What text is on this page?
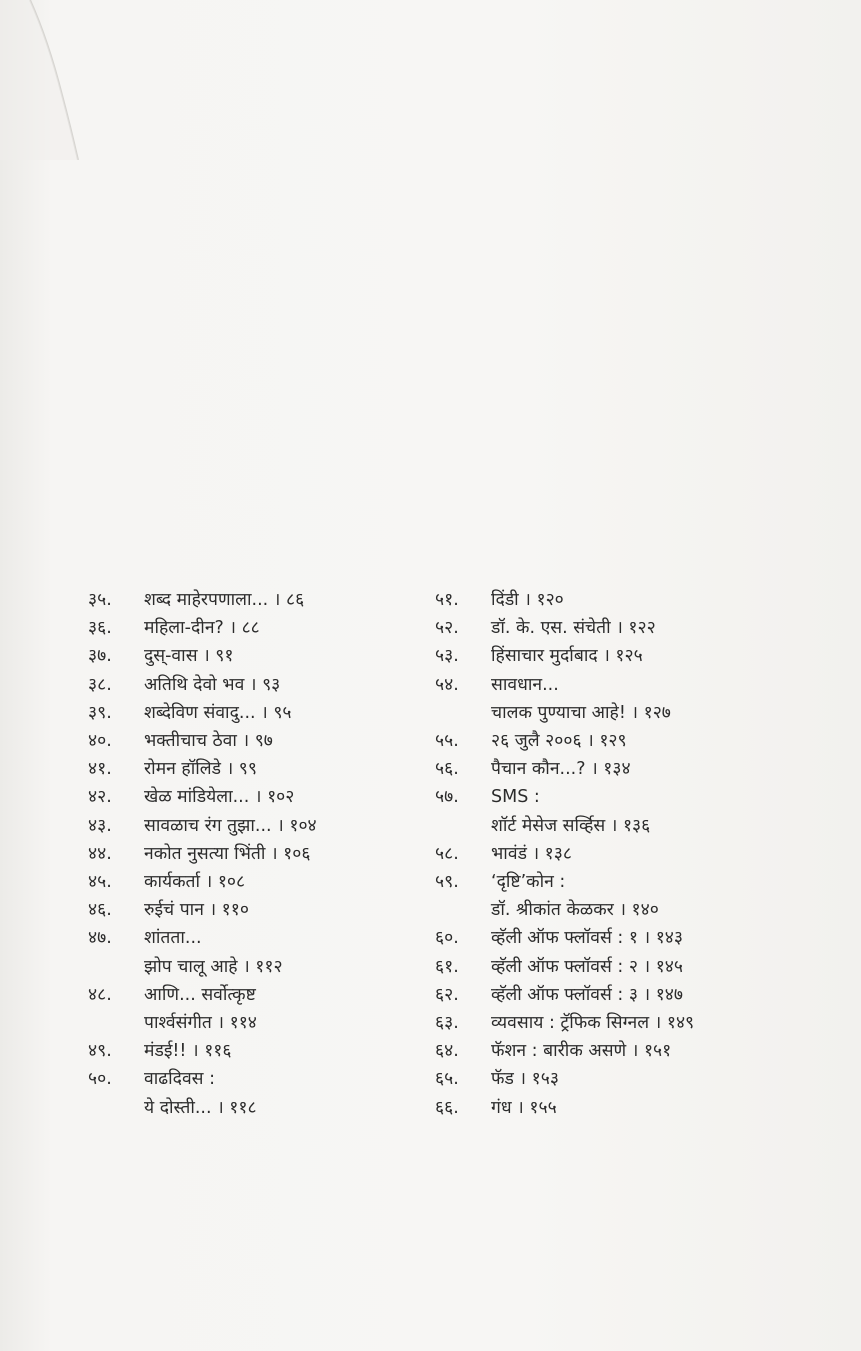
३५. शब्द माहेरपणाला... । ८६
३६. महिला-दीन? । ८८
३७. दुस्-वास । ९१
३८. अतिथि देवो भव । ९३
३९. शब्देविण संवादु... । ९५
४०. भक्तीचाच ठेवा । ९७
४१. रोमन हॉलिडे । ९९
४२. खेळ मांडियेला... । १०२
४३. सावळाच रंग तुझा... । १०४
४४. नकोत नुसत्या भिंती । १०६
४५. कार्यकर्ता । १०८
४६. रुईचं पान । ११०
४७. शांतता...
झोप चालू आहे । ११२
४८. आणि... सर्वोत्कृष्ट
पार्श्वसंगीत । ११४
४९. मंडई!! । ११६
५०. वाढदिवस :
ये दोस्ती... । ११८
५१. दिंडी । १२०
५२. डॉ. के. एस. संचेती । १२२
५३. हिंसाचार मुर्दाबाद । १२५
५४. सावधान...
चालक पुण्याचा आहे! । १२७
५५. २६ जुलै २००६ । १२९
५६. पैचान कौन...? । १३४
५७. SMS :
शॉर्ट मेसेज सर्व्हिस । १३६
५८. भावंडं । १३८
५९. ‘दृष्टि’कोन :
डॉ. श्रीकांत केळकर । १४०
६०. व्हॅली ऑफ फ्लॉवर्स : १ । १४३
६१. व्हॅली ऑफ फ्लॉवर्स : २ । १४५
६२. व्हॅली ऑफ फ्लॉवर्स : ३ । १४७
६३. व्यवसाय : ट्रॅफिक सिग्नल । १४९
६४. फॅशन : बारीक असणे । १५१
६५. फॅड । १५३
६६. गंध । १५५
